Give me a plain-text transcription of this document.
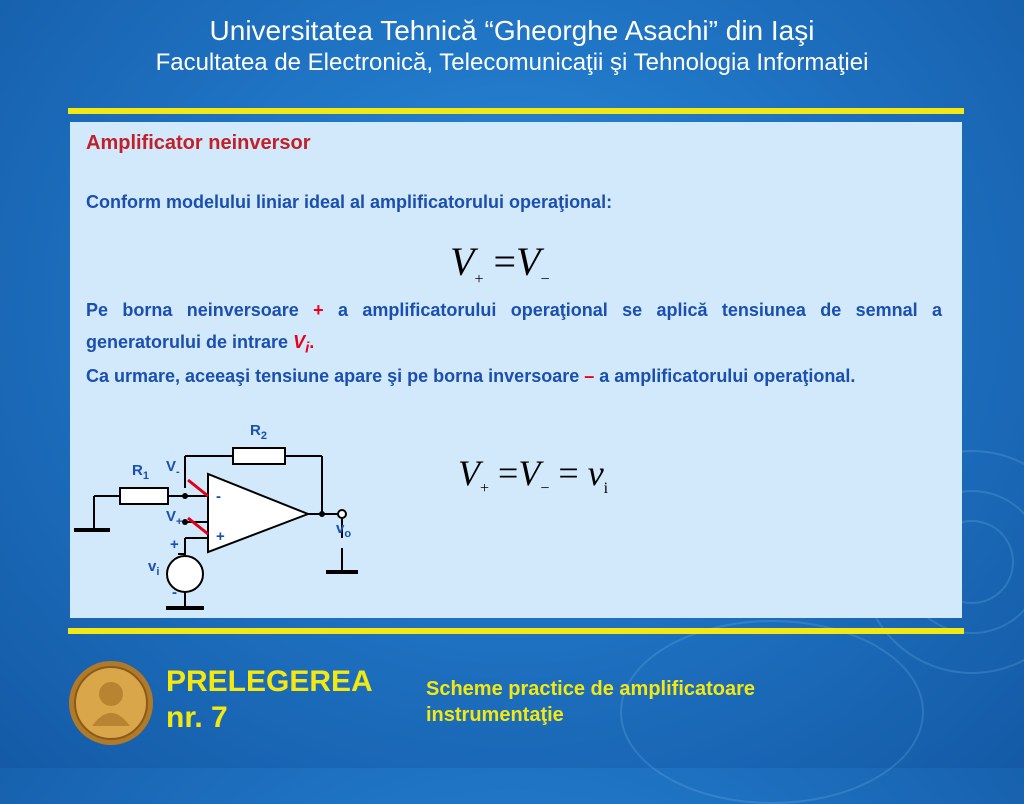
Universitatea Tehnică “Gheorghe Asachi” din Iaşi
Facultatea de Electronică, Telecomunicaţii şi Tehnologia Informaţiei
Amplificator neinversor
Conform modelului liniar ideal al amplificatorului operaţional:
$V_+ =V_-$
Pe borna neinversoare + a amplificatorului operaţional se aplică tensiunea de semnal a generatorului de intrare $V_i$.
Ca urmare, aceeaşi tensiune apare şi pe borna inversoare – a amplificatorului operaţional.
$V_+ =V_- = v_i$
$R_2$
$R_1$
$V_-$
$V_+$
-
+
+
-
$v_i$
$v_o$
PRELEGEREA
nr. 7
Scheme practice de amplificatoare
instrumentaţie
